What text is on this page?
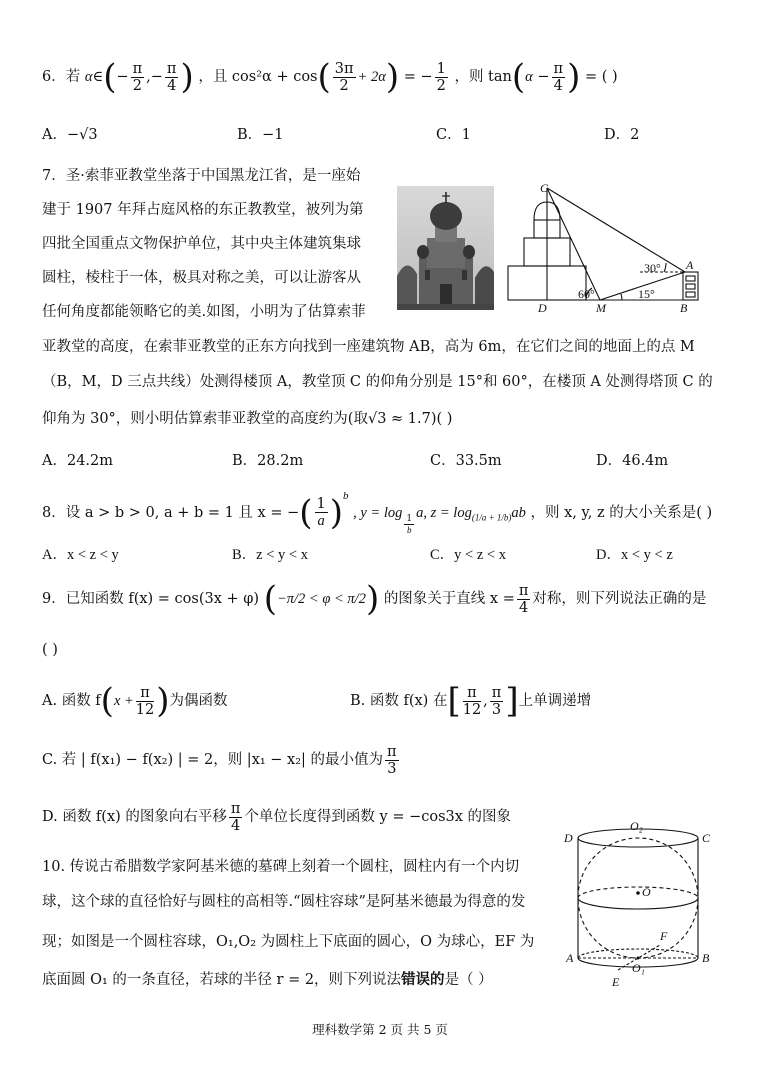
6．若 α∈(− $\frac{\pi}{2}$ ,− $\frac{\pi}{4}$ ) ，且 $\cos^2\alpha + \cos( \frac{3\pi}{2} + 2\alpha)$ = − $\frac{1}{2}$ ，则 $\tan(\alpha - \frac{\pi}{4}$ ) = ( )
A．−√3	B．−1	C．1	D．2
7．圣·索菲亚教堂坐落于中国黑龙江省，是一座始
建于 1907 年拜占庭风格的东正教教堂，被列为第
四批全国重点文物保护单位，其中央主体建筑集球
圆柱，棱柱于一体，极具对称之美，可以让游客从
任何角度都能领略它的美.如图，小明为了估算索菲
亚教堂的高度，在索菲亚教堂的正东方向找到一座建筑物 AB，高为 6m，在它们之间的地面上的点 M
（B，M，D 三点共线）处测得楼顶 A，教堂顶 C 的仰角分别是 15°和 60°，在楼顶 A 处测得塔顶 C 的
仰角为 30°，则小明估算索菲亚教堂的高度约为(取√3 ≈ 1.7)( )
A．24.2m	B．28.2m	C．33.5m	D．46.4m
C
A
D	M	B
30°
60°	15°
8．设 a > b > 0, a + b = 1 且 x = −( $\frac{1}{a} )^b$ , y = log
$_{\frac{1}{b}}$
a, $z = \log_{(1/a + 1/b)}ab$ ，则 x, y, z 的大小关系是( )
A．x < z < y	B．z < y < x	C．y < z < x	D．x < y < z
9．已知函数 f(x) = cos(3x + φ) (−π/2 < φ < π/2) 的图象关于直线 $x = \frac{\pi}{4}$ 对称，则下列说法正确的是
( )
A. 函数 $f(x + \frac{\pi}{12}$ )为偶函数	B. 函数 f(x) 在[ $\frac{\pi}{12}$ , $\frac{\pi}{3}$ ]上单调递增
C. 若 | f(x₁) − f(x₂) | = 2，则 |x₁ − x₂| 的最小值为 $\frac{\pi}{3}$
D. 函数 f(x) 的图象向右平移 $\frac{\pi}{4}$ 个单位长度得到函数 y = −cos3x 的图象
10. 传说古希腊数学家阿基米德的墓碑上刻着一个圆柱，圆柱内有一个内切
球，这个球的直径恰好与圆柱的高相等.“圆柱容球”是阿基米德最为得意的发
现；如图是一个圆柱容球，O₁,O₂ 为圆柱上下底面的圆心，O 为球心，EF 为
底面圆 O₁ 的一条直径，若球的半径 r = 2，则下列说法错误的是（ ）
D
O₂
C
O
F
A	B
O₁
E
理科数学第 2 页 共 5 页
